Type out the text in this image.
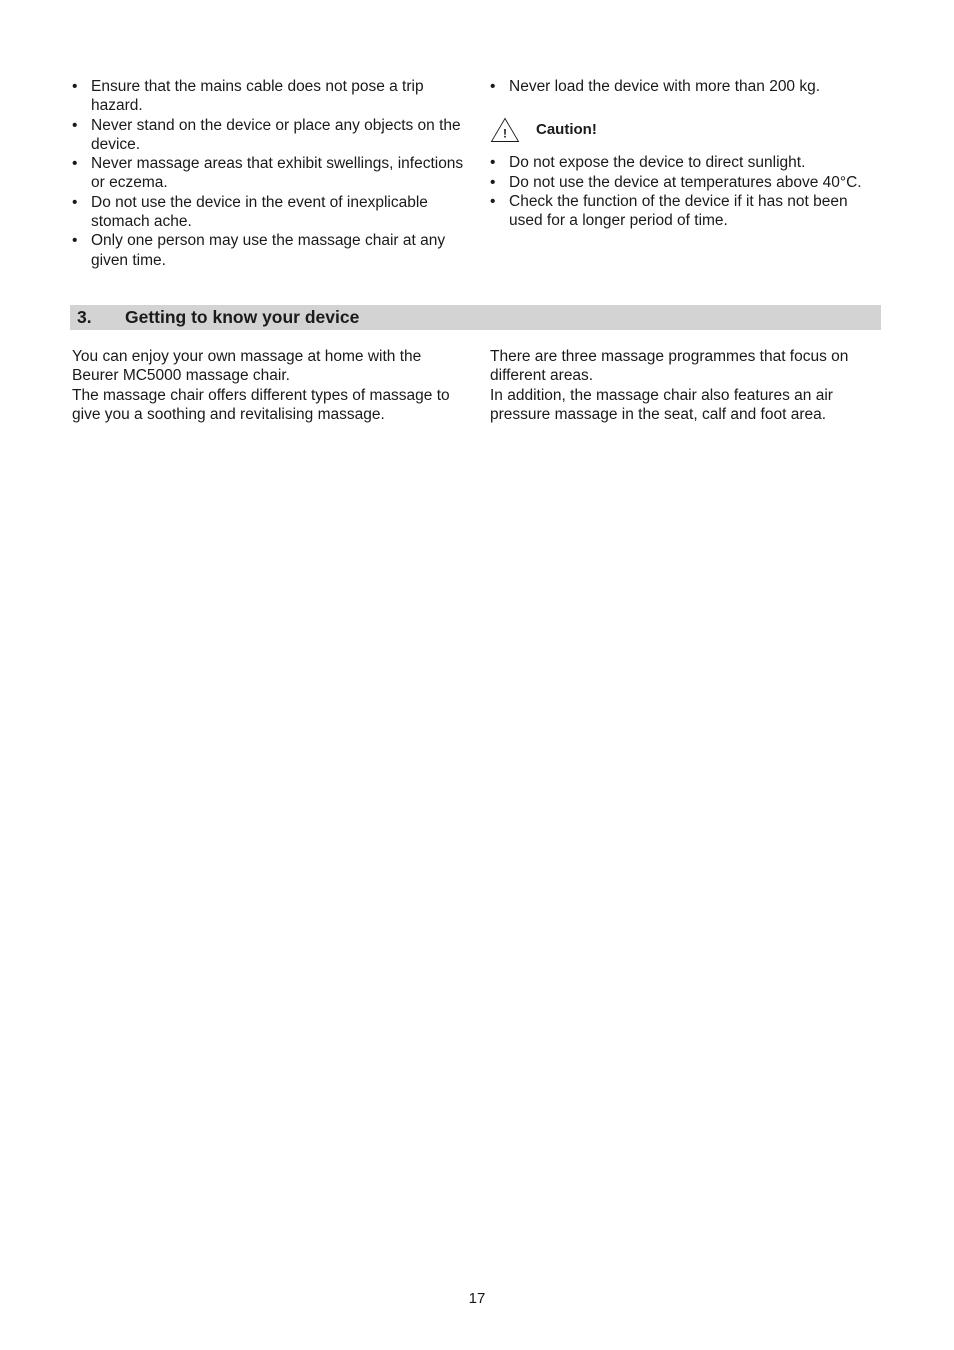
• Ensure that the mains cable does not pose a trip hazard.
• Never stand on the device or place any objects on the device.
• Never massage areas that exhibit swellings, infections or eczema.
• Do not use the device in the event of inexplicable stomach ache.
• Only one person may use the massage chair at any given time.
• Never load the device with more than 200 kg.
! Caution!
• Do not expose the device to direct sunlight.
• Do not use the device at temperatures above 40°C.
• Check the function of the device if it has not been used for a longer period of time.
3. Getting to know your device

You can enjoy your own massage at home with the Beurer MC5000 massage chair.

The massage chair offers different types of massage to give you a soothing and revitalising massage.

There are three massage programmes that focus on different areas.

In addition, the massage chair also features an air pressure massage in the seat, calf and foot area.

17
